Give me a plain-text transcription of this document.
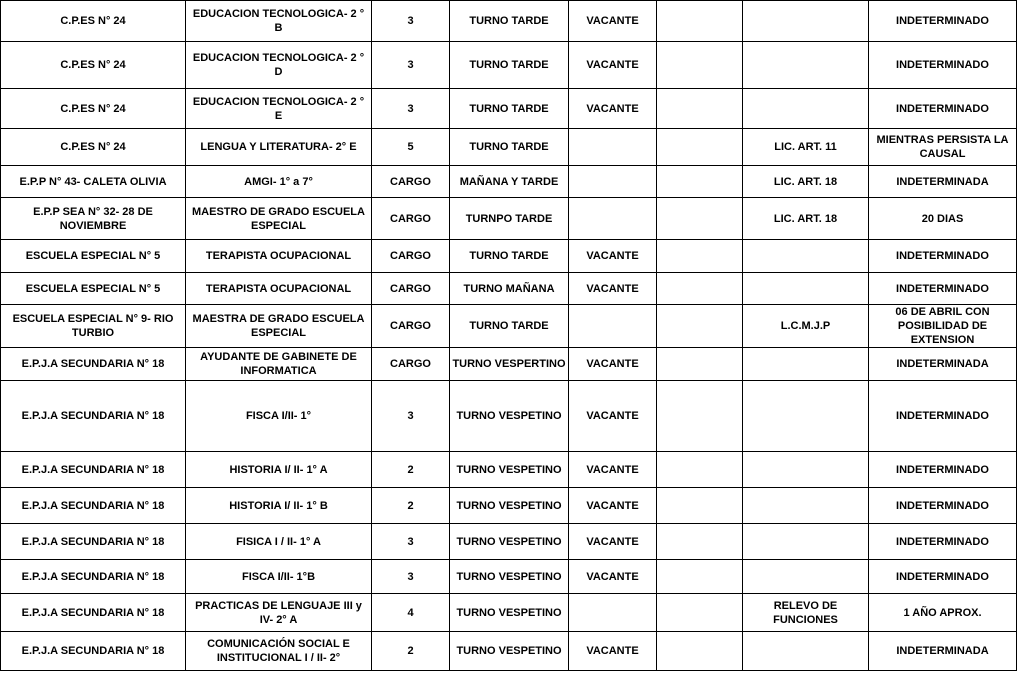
C.P.ES N° 24	EDUCACION TECNOLOGICA- 2 ° B	3	TURNO TARDE	VACANTE			INDETERMINADO
C.P.ES N° 24	EDUCACION TECNOLOGICA- 2 ° D	3	TURNO TARDE	VACANTE			INDETERMINADO
C.P.ES N° 24	EDUCACION TECNOLOGICA- 2 ° E	3	TURNO TARDE	VACANTE			INDETERMINADO
C.P.ES N° 24	LENGUA Y LITERATURA- 2° E	5	TURNO TARDE			LIC. ART. 11	MIENTRAS PERSISTA LA CAUSAL
E.P.P N° 43- CALETA OLIVIA	AMGI- 1° a 7°	CARGO	MAÑANA Y TARDE			LIC. ART. 18	INDETERMINADA
E.P.P SEA N° 32- 28 DE NOVIEMBRE	MAESTRO DE GRADO ESCUELA ESPECIAL	CARGO	TURNPO TARDE			LIC. ART. 18	20 DIAS
ESCUELA ESPECIAL N° 5	TERAPISTA OCUPACIONAL	CARGO	TURNO TARDE	VACANTE			INDETERMINADO
ESCUELA ESPECIAL N° 5	TERAPISTA OCUPACIONAL	CARGO	TURNO MAÑANA	VACANTE			INDETERMINADO
ESCUELA ESPECIAL N° 9- RIO TURBIO	MAESTRA DE GRADO ESCUELA ESPECIAL	CARGO	TURNO TARDE			L.C.M.J.P	06 DE ABRIL CON POSIBILIDAD DE EXTENSION
E.P.J.A SECUNDARIA N° 18	AYUDANTE DE GABINETE DE INFORMATICA	CARGO	TURNO VESPERTINO	VACANTE			INDETERMINADA
E.P.J.A SECUNDARIA N° 18	FISCA I/II- 1°	3	TURNO VESPETINO	VACANTE			INDETERMINADO
E.P.J.A SECUNDARIA N° 18	HISTORIA I/ II- 1° A	2	TURNO VESPETINO	VACANTE			INDETERMINADO
E.P.J.A SECUNDARIA N° 18	HISTORIA I/ II- 1° B	2	TURNO VESPETINO	VACANTE			INDETERMINADO
E.P.J.A SECUNDARIA N° 18	FISICA I / II- 1° A	3	TURNO VESPETINO	VACANTE			INDETERMINADO
E.P.J.A SECUNDARIA N° 18	FISCA I/II- 1°B	3	TURNO VESPETINO	VACANTE			INDETERMINADO
E.P.J.A SECUNDARIA N° 18	PRACTICAS DE LENGUAJE III y IV- 2° A	4	TURNO VESPETINO			RELEVO DE FUNCIONES	1 AÑO APROX.
E.P.J.A SECUNDARIA N° 18	COMUNICACIÓN SOCIAL E INSTITUCIONAL I / II- 2°	2	TURNO VESPETINO	VACANTE			INDETERMINADA
